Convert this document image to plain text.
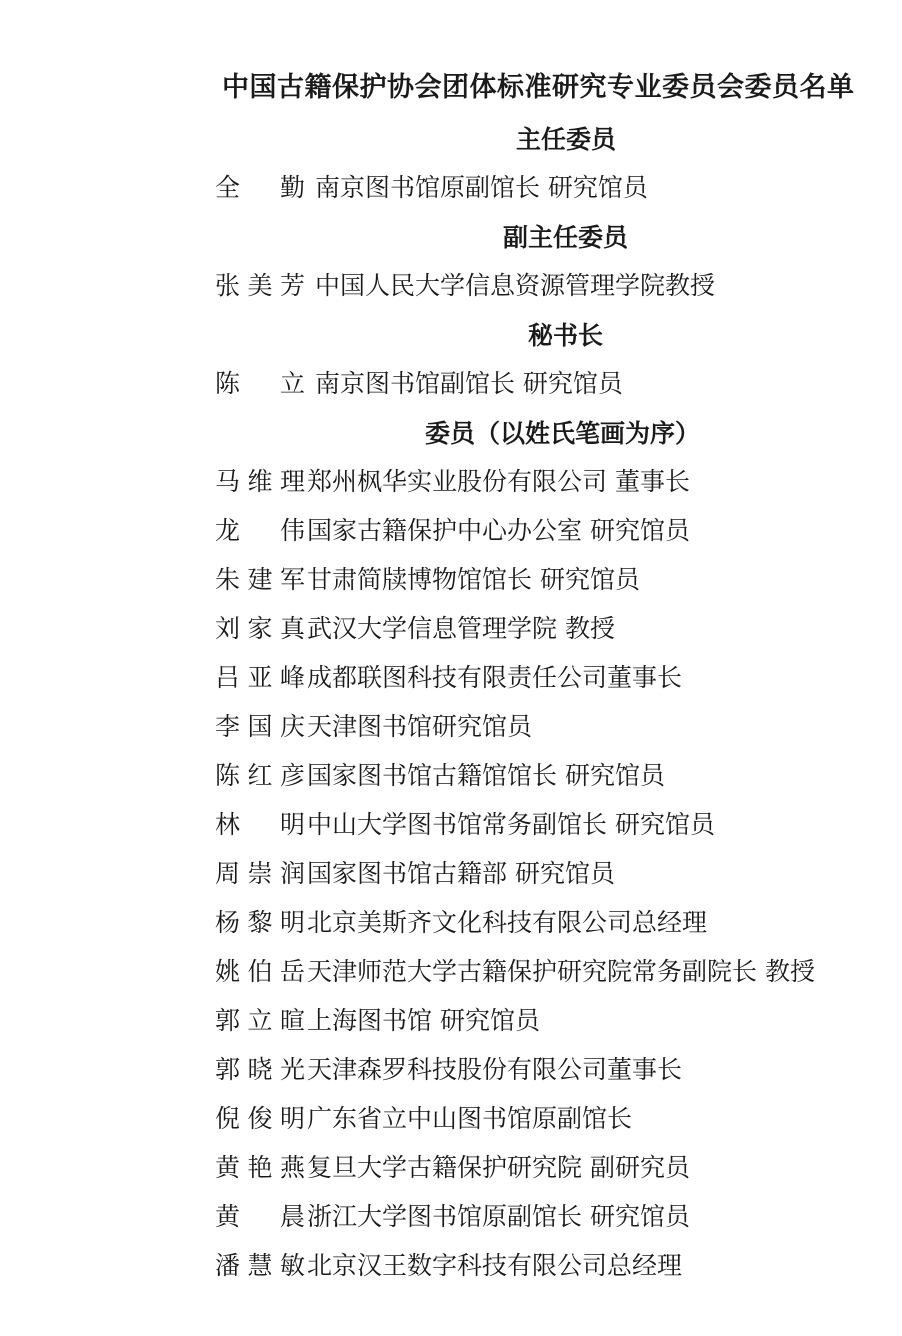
中国古籍保护协会团体标准研究专业委员会委员名单
主任委员
全 勤 南京图书馆原副馆长 研究馆员
副主任委员
张美芳 中国人民大学信息资源管理学院教授
秘书长
陈 立 南京图书馆副馆长 研究馆员
委员（以姓氏笔画为序）
马维理郑州枫华实业股份有限公司 董事长
龙 伟国家古籍保护中心办公室 研究馆员
朱建军甘肃简牍博物馆馆长 研究馆员
刘家真武汉大学信息管理学院 教授
吕亚峰成都联图科技有限责任公司董事长
李国庆天津图书馆研究馆员
陈红彦国家图书馆古籍馆馆长 研究馆员
林 明中山大学图书馆常务副馆长 研究馆员
周崇润国家图书馆古籍部 研究馆员
杨黎明北京美斯齐文化科技有限公司总经理
姚伯岳天津师范大学古籍保护研究院常务副院长 教授
郭立暄上海图书馆 研究馆员
郭晓光天津森罗科技股份有限公司董事长
倪俊明广东省立中山图书馆原副馆长
黄艳燕复旦大学古籍保护研究院 副研究员
黄 晨浙江大学图书馆原副馆长 研究馆员
潘慧敏北京汉王数字科技有限公司总经理
